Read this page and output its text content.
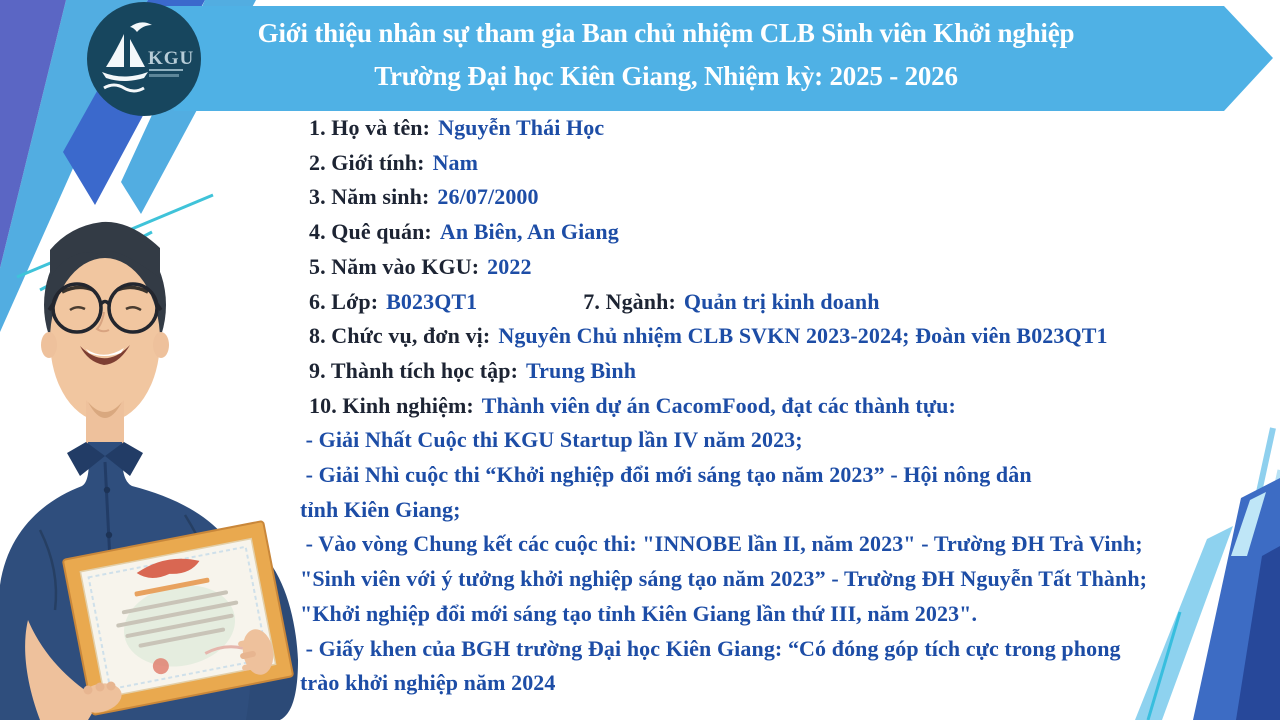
KGU
Giới thiệu nhân sự tham gia Ban chủ nhiệm CLB Sinh viên Khởi nghiệp
Trường Đại học Kiên Giang, Nhiệm kỳ: 2025 - 2026
1. Họ và tên: Nguyễn Thái Học
2. Giới tính: Nam
3. Năm sinh: 26/07/2000
4. Quê quán: An Biên, An Giang
5. Năm vào KGU: 2022
6. Lớp: B023QT1	7. Ngành: Quản trị kinh doanh
8. Chức vụ, đơn vị: Nguyên Chủ nhiệm CLB SVKN 2023-2024; Đoàn viên B023QT1
9. Thành tích học tập: Trung Bình
10. Kinh nghiệm: Thành viên dự án CacomFood, đạt các thành tựu:
- Giải Nhất Cuộc thi KGU Startup lần IV năm 2023;
- Giải Nhì cuộc thi “Khởi nghiệp đổi mới sáng tạo năm 2023” - Hội nông dân
tỉnh Kiên Giang;
- Vào vòng Chung kết các cuộc thi: "INNOBE lần II, năm 2023" - Trường ĐH Trà Vinh;
"Sinh viên với ý tưởng khởi nghiệp sáng tạo năm 2023” - Trường ĐH Nguyễn Tất Thành;
"Khởi nghiệp đổi mới sáng tạo tỉnh Kiên Giang lần thứ III, năm 2023".
- Giấy khen của BGH trường Đại học Kiên Giang: “Có đóng góp tích cực trong phong
trào khởi nghiệp năm 2024
